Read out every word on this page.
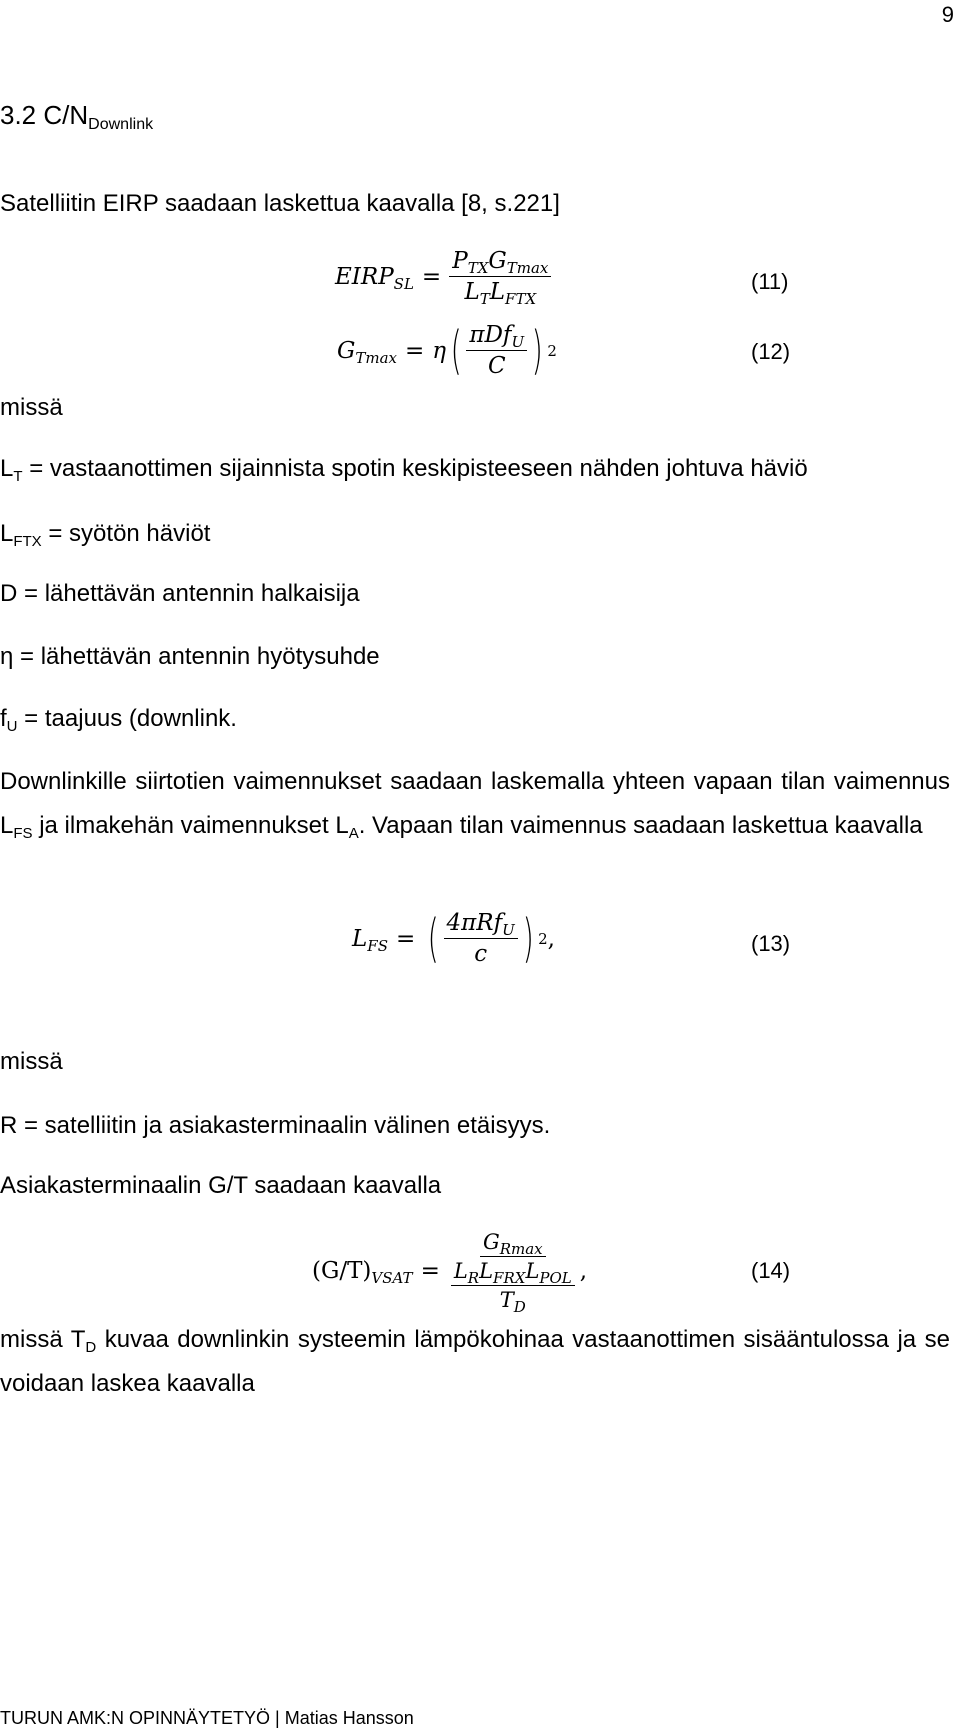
9
3.2 $C/N_{Downlink}$
Satelliitin EIRP saadaan laskettua kaavalla [8, s.221]
$EIRP_{SL} = \frac{P_{TX}G_{Tmax}}{L_TL_{FTX}}$	(11)
$G_{Tmax} = \eta$ ( $\frac{\pi Df_U}{C}$ ) 2	(12)
missä
$L_T$ = vastaanottimen sijainnista spotin keskipisteeseen nähden johtuva häviö
$L_{FTX}$ = syötön häviöt
D = lähettävän antennin halkaisija
η = lähettävän antennin hyötysuhde
$f_U$ = taajuus (downlink.
Downlinkille siirtotien vaimennukset saadaan laskemalla yhteen vapaan tilan vaimennus $L_{FS}$ ja ilmakehän vaimennukset $L_A$. Vapaan tilan vaimennus saadaan laskettua kaavalla
$L_{FS}$ = ( $\frac{4\pi Rf_U}{c}$ ) 2 ,	(13)
missä
R = satelliitin ja asiakasterminaalin välinen etäisyys.
Asiakasterminaalin G/T saadaan kaavalla
$(G/T)_{VSAT} = \frac{G_{Rmax}}{L_RL_{FRX}L_{POL}}$
$T_D$
,	(14)
missä $T_D$ kuvaa downlinkin systeemin lämpökohinaa vastaanottimen sisääntulossa ja se voidaan laskea kaavalla
TURUN AMK:N OPINNÄYTETYÖ | Matias Hansson
